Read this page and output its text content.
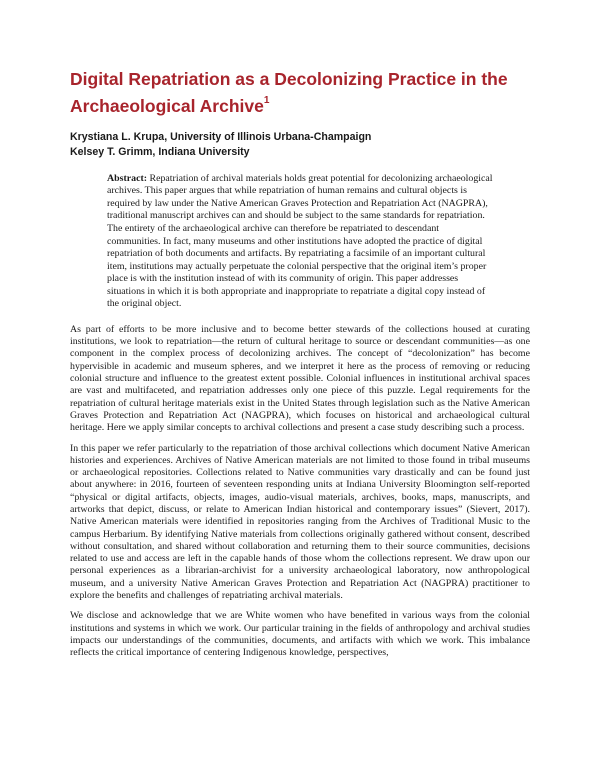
Digital Repatriation as a Decolonizing Practice in the Archaeological Archive$^1$
Krystiana L. Krupa, University of Illinois Urbana-Champaign
Kelsey T. Grimm, Indiana University
Abstract: Repatriation of archival materials holds great potential for decolonizing archaeological archives. This paper argues that while repatriation of human remains and cultural objects is required by law under the Native American Graves Protection and Repatriation Act (NAGPRA), traditional manuscript archives can and should be subject to the same standards for repatriation. The entirety of the archaeological archive can therefore be repatriated to descendant communities. In fact, many museums and other institutions have adopted the practice of digital repatriation of both documents and artifacts. By repatriating a facsimile of an important cultural item, institutions may actually perpetuate the colonial perspective that the original item’s proper place is with the institution instead of with its community of origin. This paper addresses situations in which it is both appropriate and inappropriate to repatriate a digital copy instead of the original object.

As part of efforts to be more inclusive and to become better stewards of the collections housed at curating institutions, we look to repatriation—the return of cultural heritage to source or descendant communities—as one component in the complex process of decolonizing archives. The concept of “decolonization” has become hypervisible in academic and museum spheres, and we interpret it here as the process of removing or reducing colonial structure and influence to the greatest extent possible. Colonial influences in institutional archival spaces are vast and multifaceted, and repatriation addresses only one piece of this puzzle. Legal requirements for the repatriation of cultural heritage materials exist in the United States through legislation such as the Native American Graves Protection and Repatriation Act (NAGPRA), which focuses on historical and archaeological cultural heritage. Here we apply similar concepts to archival collections and present a case study describing such a process.

In this paper we refer particularly to the repatriation of those archival collections which document Native American histories and experiences. Archives of Native American materials are not limited to those found in tribal museums or archaeological repositories. Collections related to Native communities vary drastically and can be found just about anywhere: in 2016, fourteen of seventeen responding units at Indiana University Bloomington self-reported “physical or digital artifacts, objects, images, audio-visual materials, archives, books, maps, manuscripts, and artworks that depict, discuss, or relate to American Indian historical and contemporary issues” (Sievert, 2017). Native American materials were identified in repositories ranging from the Archives of Traditional Music to the campus Herbarium. By identifying Native materials from collections originally gathered without consent, described without consultation, and shared without collaboration and returning them to their source communities, decisions related to use and access are left in the capable hands of those whom the collections represent. We draw upon our personal experiences as a librarian-archivist for a university archaeological laboratory, now anthropological museum, and a university Native American Graves Protection and Repatriation Act (NAGPRA) practitioner to explore the benefits and challenges of repatriating archival materials.

We disclose and acknowledge that we are White women who have benefited in various ways from the colonial institutions and systems in which we work. Our particular training in the fields of anthropology and archival studies impacts our understandings of the communities, documents, and artifacts with which we work. This imbalance reflects the critical importance of centering Indigenous knowledge, perspectives,
